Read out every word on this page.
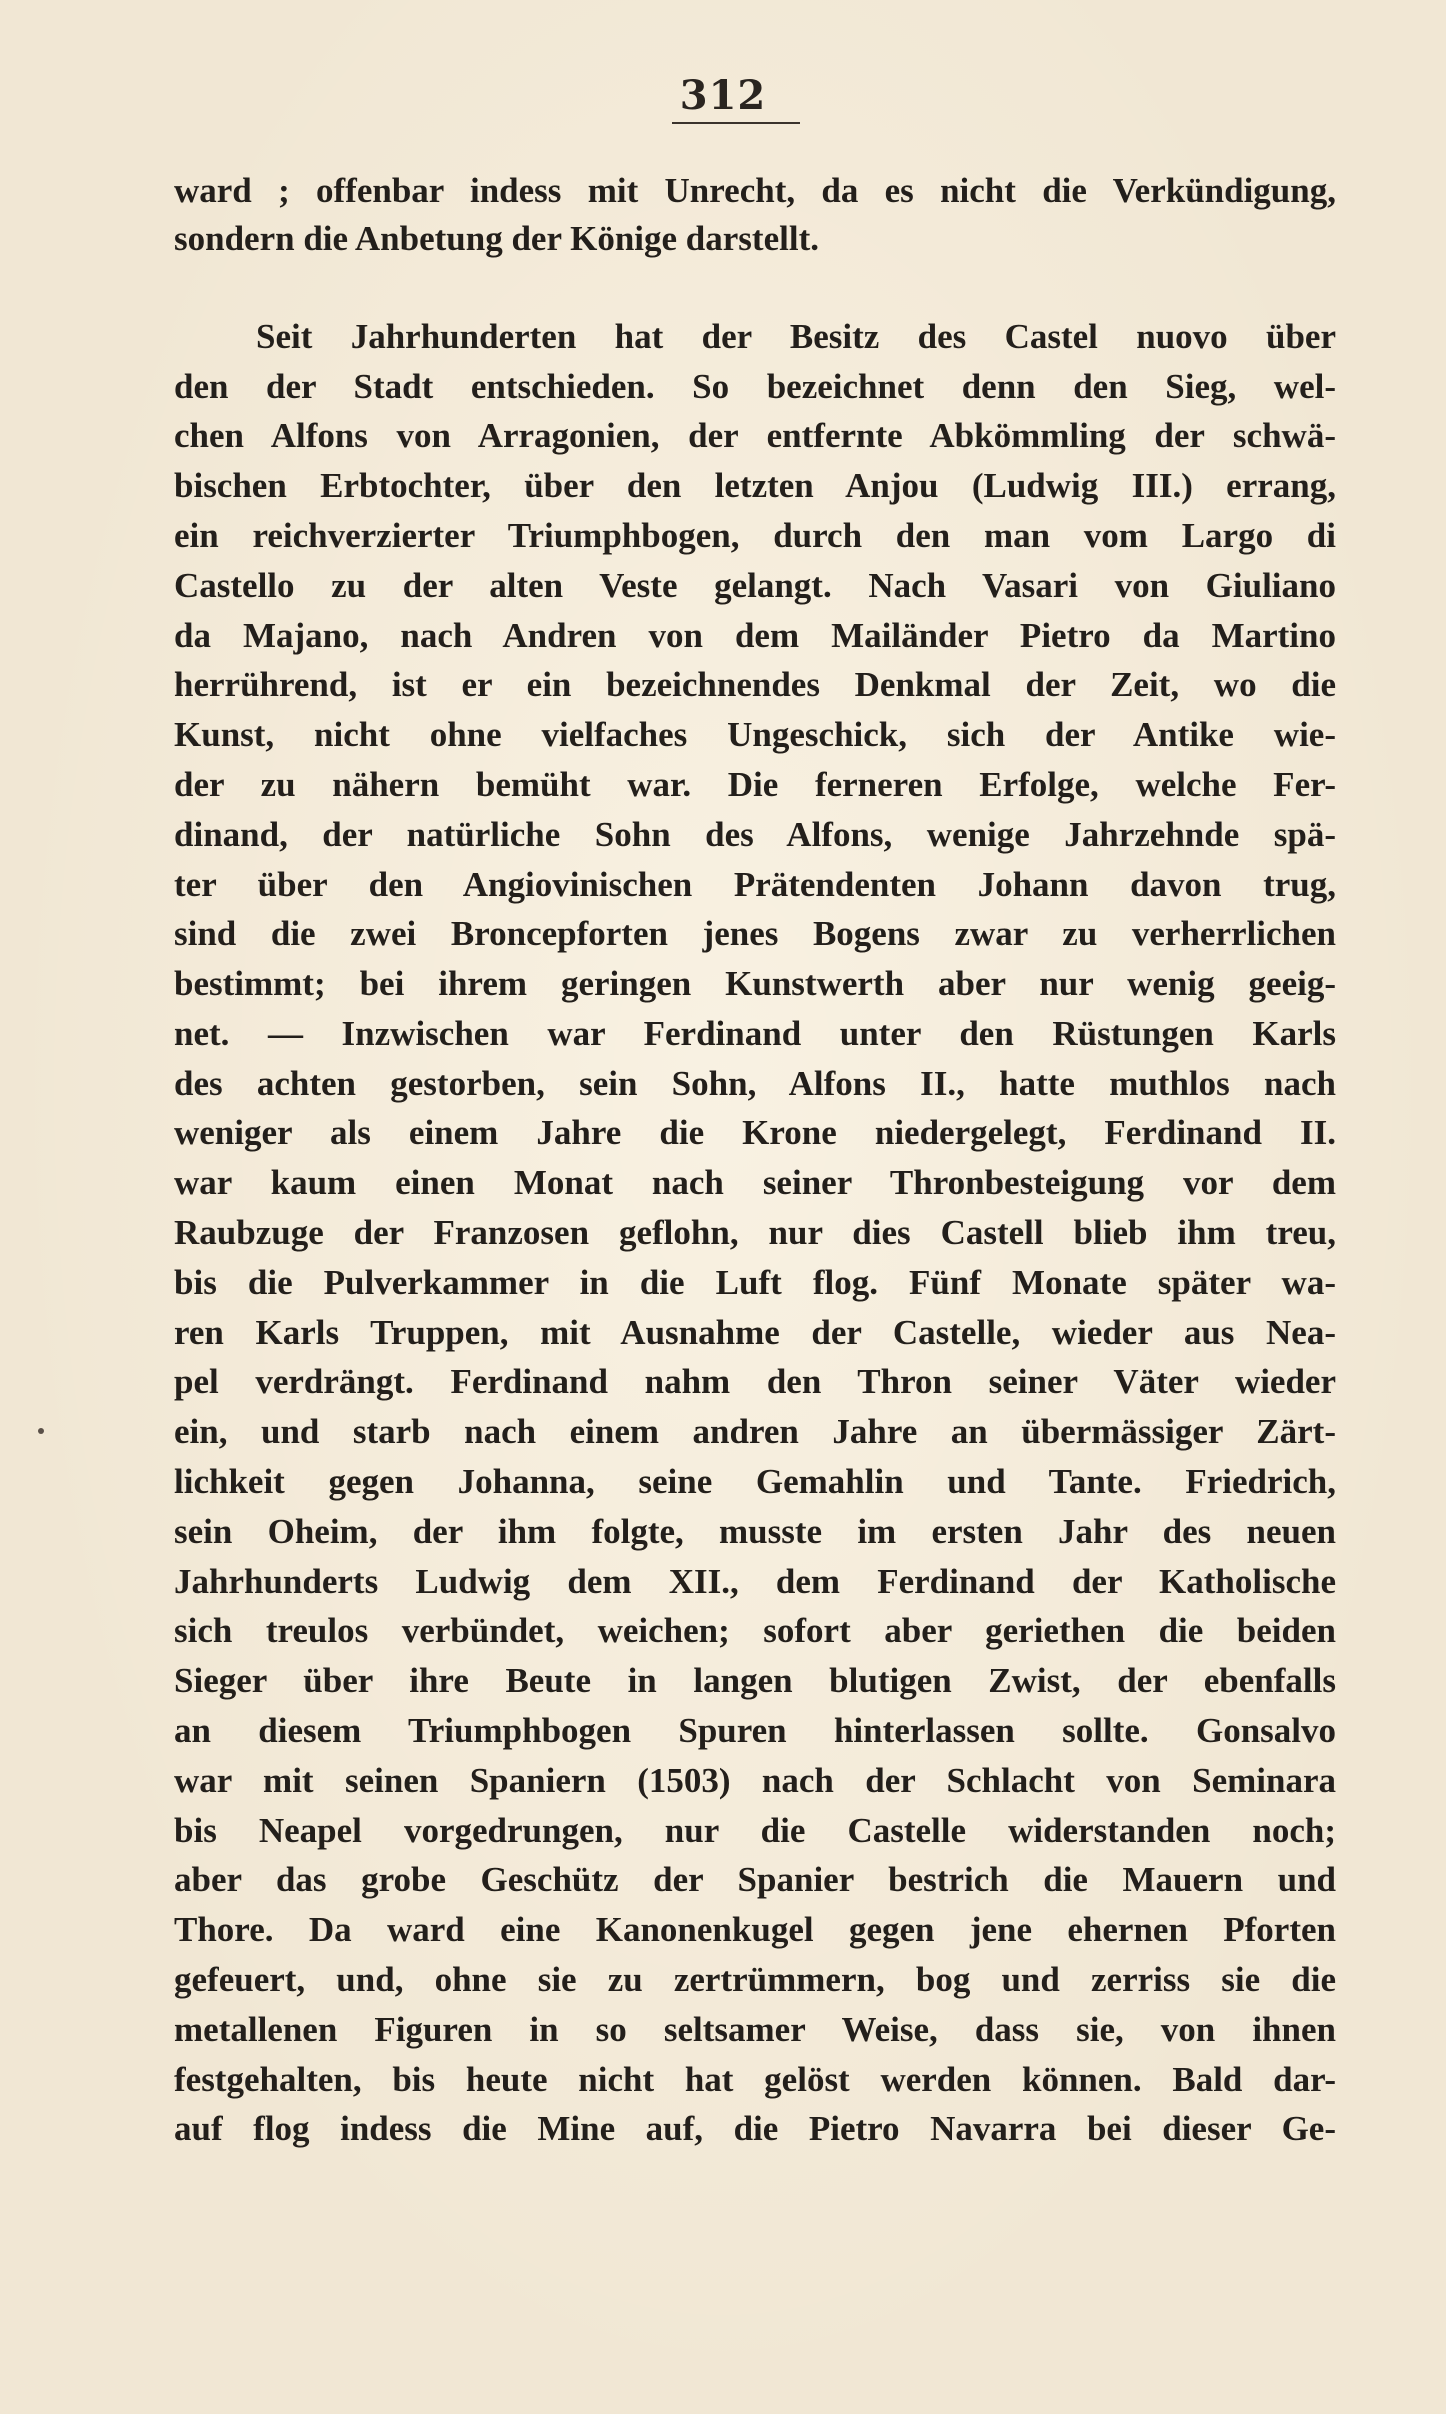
312
ward ; offenbar indess mit Unrecht, da es nicht die Verkündigung,
sondern die Anbetung der Könige darstellt.
Seit Jahrhunderten hat der Besitz des Castel nuovo über
den der Stadt entschieden. So bezeichnet denn den Sieg, wel-
chen Alfons von Arragonien, der entfernte Abkömmling der schwä-
bischen Erbtochter, über den letzten Anjou (Ludwig III.) errang,
ein reichverzierter Triumphbogen, durch den man vom Largo di
Castello zu der alten Veste gelangt. Nach Vasari von Giuliano
da Majano, nach Andren von dem Mailänder Pietro da Martino
herrührend, ist er ein bezeichnendes Denkmal der Zeit, wo die
Kunst, nicht ohne vielfaches Ungeschick, sich der Antike wie-
der zu nähern bemüht war. Die ferneren Erfolge, welche Fer-
dinand, der natürliche Sohn des Alfons, wenige Jahrzehnde spä-
ter über den Angiovinischen Prätendenten Johann davon trug,
sind die zwei Broncepforten jenes Bogens zwar zu verherrlichen
bestimmt; bei ihrem geringen Kunstwerth aber nur wenig geeig-
net. — Inzwischen war Ferdinand unter den Rüstungen Karls
des achten gestorben, sein Sohn, Alfons II., hatte muthlos nach
weniger als einem Jahre die Krone niedergelegt, Ferdinand II.
war kaum einen Monat nach seiner Thronbesteigung vor dem
Raubzuge der Franzosen geflohn, nur dies Castell blieb ihm treu,
bis die Pulverkammer in die Luft flog. Fünf Monate später wa-
ren Karls Truppen, mit Ausnahme der Castelle, wieder aus Nea-
pel verdrängt. Ferdinand nahm den Thron seiner Väter wieder
ein, und starb nach einem andren Jahre an übermässiger Zärt-
lichkeit gegen Johanna, seine Gemahlin und Tante. Friedrich,
sein Oheim, der ihm folgte, musste im ersten Jahr des neuen
Jahrhunderts Ludwig dem XII., dem Ferdinand der Katholische
sich treulos verbündet, weichen; sofort aber geriethen die beiden
Sieger über ihre Beute in langen blutigen Zwist, der ebenfalls
an diesem Triumphbogen Spuren hinterlassen sollte. Gonsalvo
war mit seinen Spaniern (1503) nach der Schlacht von Seminara
bis Neapel vorgedrungen, nur die Castelle widerstanden noch;
aber das grobe Geschütz der Spanier bestrich die Mauern und
Thore. Da ward eine Kanonenkugel gegen jene ehernen Pforten
gefeuert, und, ohne sie zu zertrümmern, bog und zerriss sie die
metallenen Figuren in so seltsamer Weise, dass sie, von ihnen
festgehalten, bis heute nicht hat gelöst werden können. Bald dar-
auf flog indess die Mine auf, die Pietro Navarra bei dieser Ge-
